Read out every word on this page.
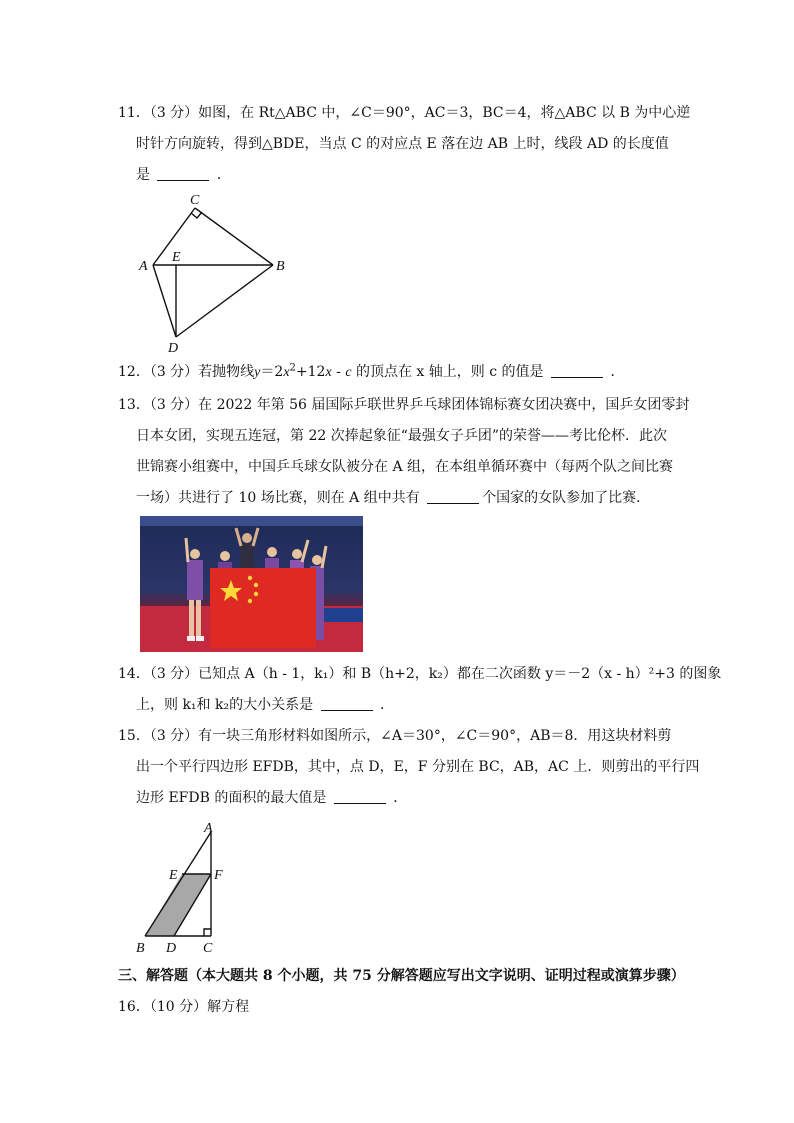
11．（3 分）如图，在 Rt△ABC 中，∠C＝90°，AC＝3，BC＝4，将△ABC 以 B 为中心逆
时针方向旋转，得到△BDE，当点 C 的对应点 E 落在边 AB 上时，线段 AD 的长度值
是	．
C
A
E
B
D
12．（3 分）若抛物线$y=2x^2+12x - c$ 的顶点在 x 轴上，则 c 的值是	．
13．（3 分）在 2022 年第 56 届国际乒联世界乒乓球团体锦标赛女团决赛中，国乒女团零封
日本女团，实现五连冠，第 22 次捧起象征“最强女子乒团”的荣誉——考比伦杯．此次
世锦赛小组赛中，中国乒乓球女队被分在 A 组，在本组单循环赛中（每两个队之间比赛
一场）共进行了 10 场比赛，则在 A 组中共有	个国家的女队参加了比赛．
14．（3 分）已知点 A（h - 1，k₁）和 B（h+2，k₂）都在二次函数 y＝－2（x - h）²+3 的图象
上，则 k₁和 k₂的大小关系是	．
15．（3 分）有一块三角形材料如图所示，∠A＝30°，∠C＝90°，AB＝8．用这块材料剪
出一个平行四边形 EFDB，其中，点 D，E，F 分别在 BC，AB，AC 上．则剪出的平行四
边形 EFDB 的面积的最大值是	．
A
E	F
B D C
三、解答题（本大题共 8 个小题，共 75 分解答题应写出文字说明、证明过程或演算步骤）
16．（10 分）解方程
